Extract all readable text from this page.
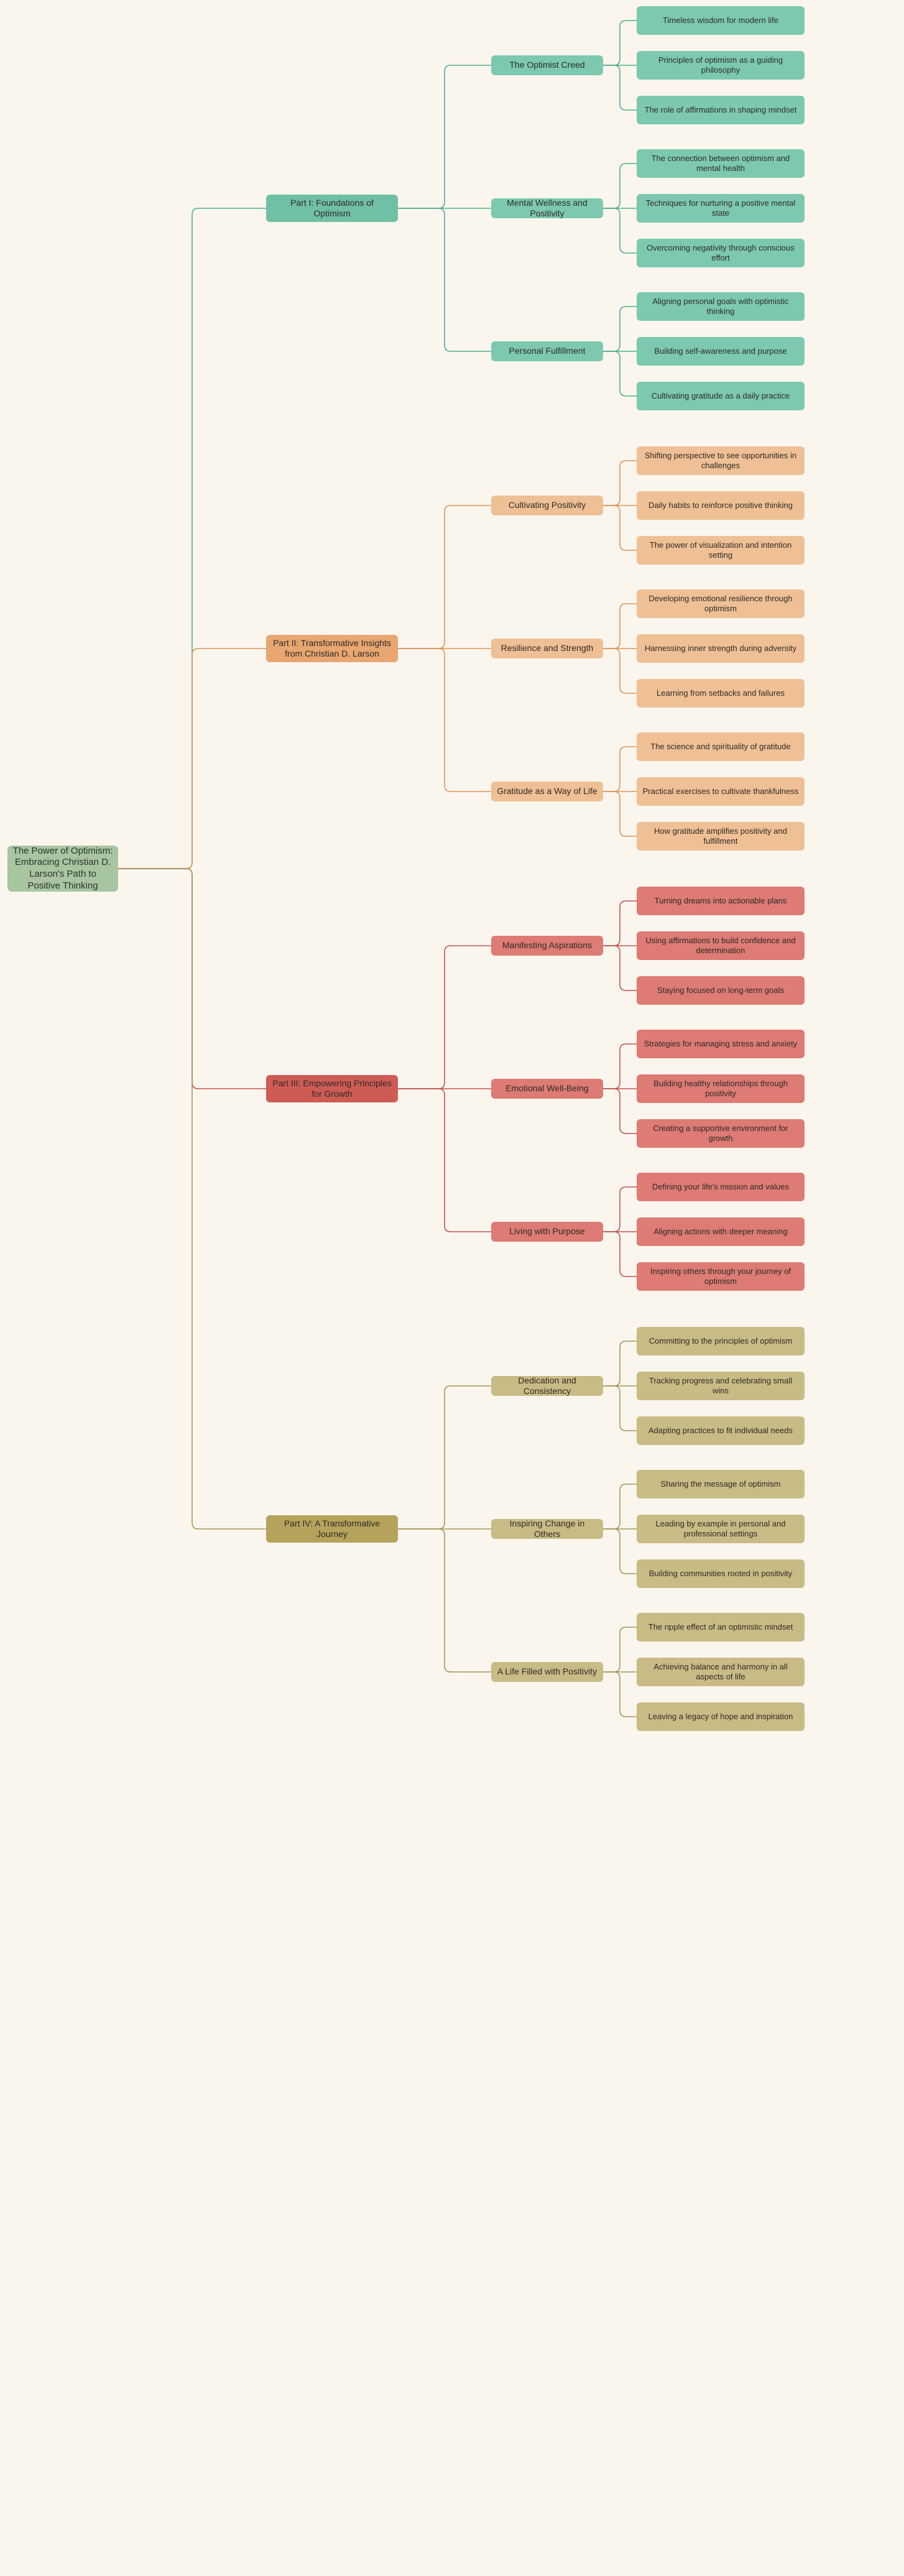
Timeless wisdom for modern life
Principles of optimism as a guiding philosophy
The role of affirmations in shaping mindset
The Optimist Creed
The connection between optimism and mental health
Techniques for nurturing a positive mental state
Overcoming negativity through conscious effort
Mental Wellness and Positivity
Aligning personal goals with optimistic thinking
Building self-awareness and purpose
Cultivating gratitude as a daily practice
Personal Fulfillment
Part I: Foundations of Optimism
Shifting perspective to see opportunities in challenges
Daily habits to reinforce positive thinking
The power of visualization and intention setting
Cultivating Positivity
Developing emotional resilience through optimism
Harnessing inner strength during adversity
Learning from setbacks and failures
Resilience and Strength
The science and spirituality of gratitude
Practical exercises to cultivate thankfulness
How gratitude amplifies positivity and fulfillment
Gratitude as a Way of Life
Part II: Transformative Insights from Christian D. Larson
Turning dreams into actionable plans
Using affirmations to build confidence and determination
Staying focused on long-term goals
Manifesting Aspirations
Strategies for managing stress and anxiety
Building healthy relationships through positivity
Creating a supportive environment for growth
Emotional Well-Being
Defining your life's mission and values
Aligning actions with deeper meaning
Inspiring others through your journey of optimism
Living with Purpose
Part III: Empowering Principles for Growth
Committing to the principles of optimism
Tracking progress and celebrating small wins
Adapting practices to fit individual needs
Dedication and Consistency
Sharing the message of optimism
Leading by example in personal and professional settings
Building communities rooted in positivity
Inspiring Change in Others
The ripple effect of an optimistic mindset
Achieving balance and harmony in all aspects of life
Leaving a legacy of hope and inspiration
A Life Filled with Positivity
Part IV: A Transformative Journey
The Power of Optimism: Embracing Christian D. Larson's Path to Positive Thinking
